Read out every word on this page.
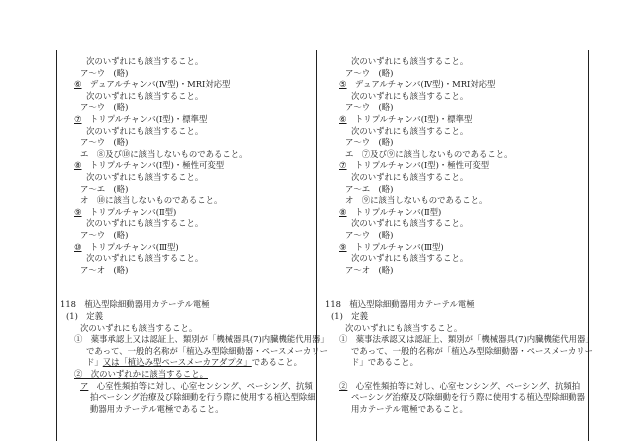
次のいずれにも該当すること。
ア～ウ　(略)
⑥　デュアルチャンバ(Ⅳ型)・MRI対応型
次のいずれにも該当すること。
ア～ウ　(略)
⑦　トリプルチャンバ(Ⅰ型)・標準型
次のいずれにも該当すること。
ア～ウ　(略)
エ　⑧及び⑩に該当しないものであること。
⑧　トリプルチャンバ(Ⅰ型)・極性可変型
次のいずれにも該当すること。
ア～エ　(略)
オ　⑩に該当しないものであること。
⑨　トリプルチャンバ(Ⅱ型)
次のいずれにも該当すること。
ア～ウ　(略)
⑩　トリプルチャンバ(Ⅲ型)
次のいずれにも該当すること。
ア～オ　(略)
118　植込型除細動器用カテーテル電極
(1)　定義
次のいずれにも該当すること。
①　薬事承認上又は認証上、類別が「機械器具(7)内臓機能代用器」
であって、一般的名称が「植込み型除細動器・ペースメーカリー
ド」又は「植込み型ペースメーカアダプタ」であること。
②　次のいずれかに該当すること。
ア　心室性頻拍等に対し、心室センシング、ペーシング、抗頻
拍ペーシング治療及び除細動を行う際に使用する植込型除細
動器用カテーテル電極であること。
次のいずれにも該当すること。
ア～ウ　(略)
⑤　デュアルチャンバ(Ⅳ型)・MRI対応型
次のいずれにも該当すること。
ア～ウ　(略)
⑥　トリプルチャンバ(Ⅰ型)・標準型
次のいずれにも該当すること。
ア～ウ　(略)
エ　⑦及び⑨に該当しないものであること。
⑦　トリプルチャンバ(Ⅰ型)・極性可変型
次のいずれにも該当すること。
ア～エ　(略)
オ　⑨に該当しないものであること。
⑧　トリプルチャンバ(Ⅱ型)
次のいずれにも該当すること。
ア～ウ　(略)
⑨　トリプルチャンバ(Ⅲ型)
次のいずれにも該当すること。
ア～オ　(略)
118　植込型除細動器用カテーテル電極
(1)　定義
次のいずれにも該当すること。
①　薬事法承認又は認証上、類別が「機械器具(7)内臓機能代用器」
であって、一般的名称が「植込み型除細動器・ペースメーカリー
ド」であること。
②　心室性頻拍等に対し、心室センシング、ペーシング、抗頻拍
ペーシング治療及び除細動を行う際に使用する植込型除細動器
用カテーテル電極であること。
